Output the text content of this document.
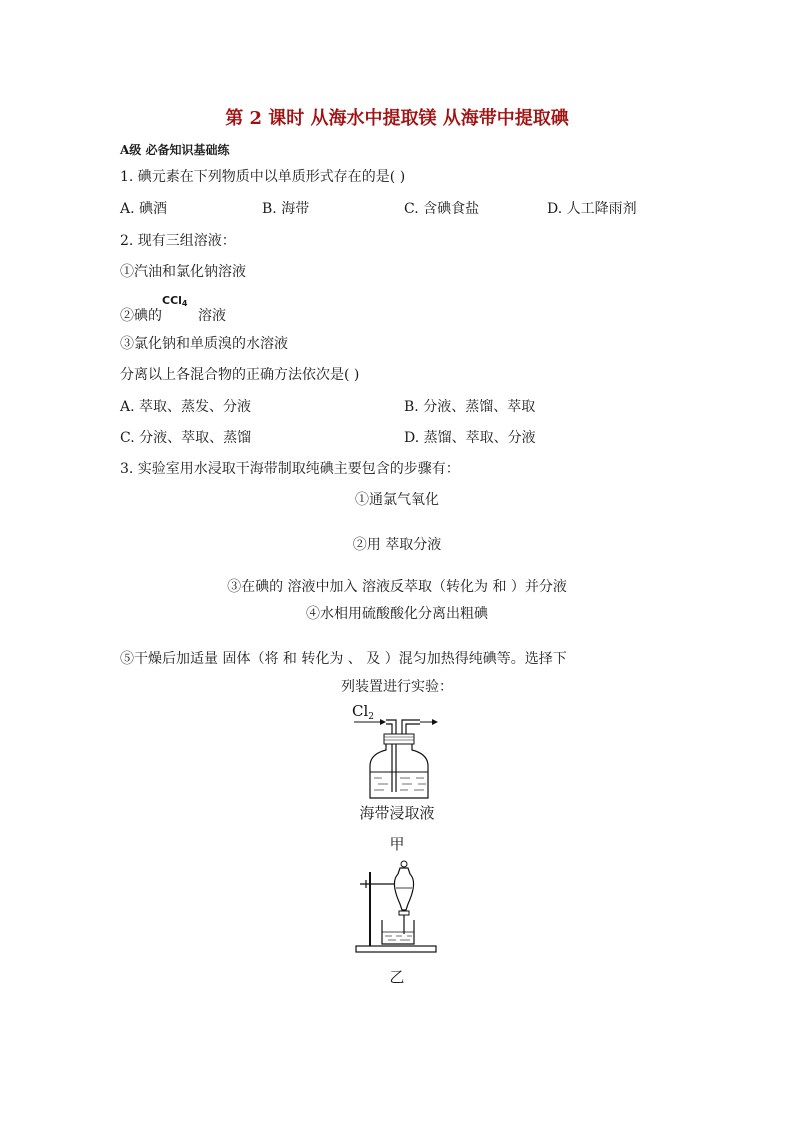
第 2 课时 从海水中提取镁 从海带中提取碘
A级 必备知识基础练
1. 碘元素在下列物质中以单质形式存在的是( )
A. 碘酒	B. 海带	C. 含碘食盐	D. 人工降雨剂
2. 现有三组溶液：
①汽油和氯化钠溶液
②碘的
CCl$_4$
溶液
③氯化钠和单质溴的水溶液
分离以上各混合物的正确方法依次是( )
A. 萃取、蒸发、分液	B. 分液、蒸馏、萃取
C. 分液、萃取、蒸馏	D. 蒸馏、萃取、分液
3. 实验室用水浸取干海带制取纯碘主要包含的步骤有：
①通氯气氧化
②用 萃取分液
③在碘的 溶液中加入 溶液反萃取（转化为 和 ）并分液
④水相用硫酸酸化分离出粗碘
⑤干燥后加适量 固体（将 和 转化为 、 及 ）混匀加热得纯碘等。选择下
列装置进行实验：
$Cl_2$
海带浸取液
甲
乙
